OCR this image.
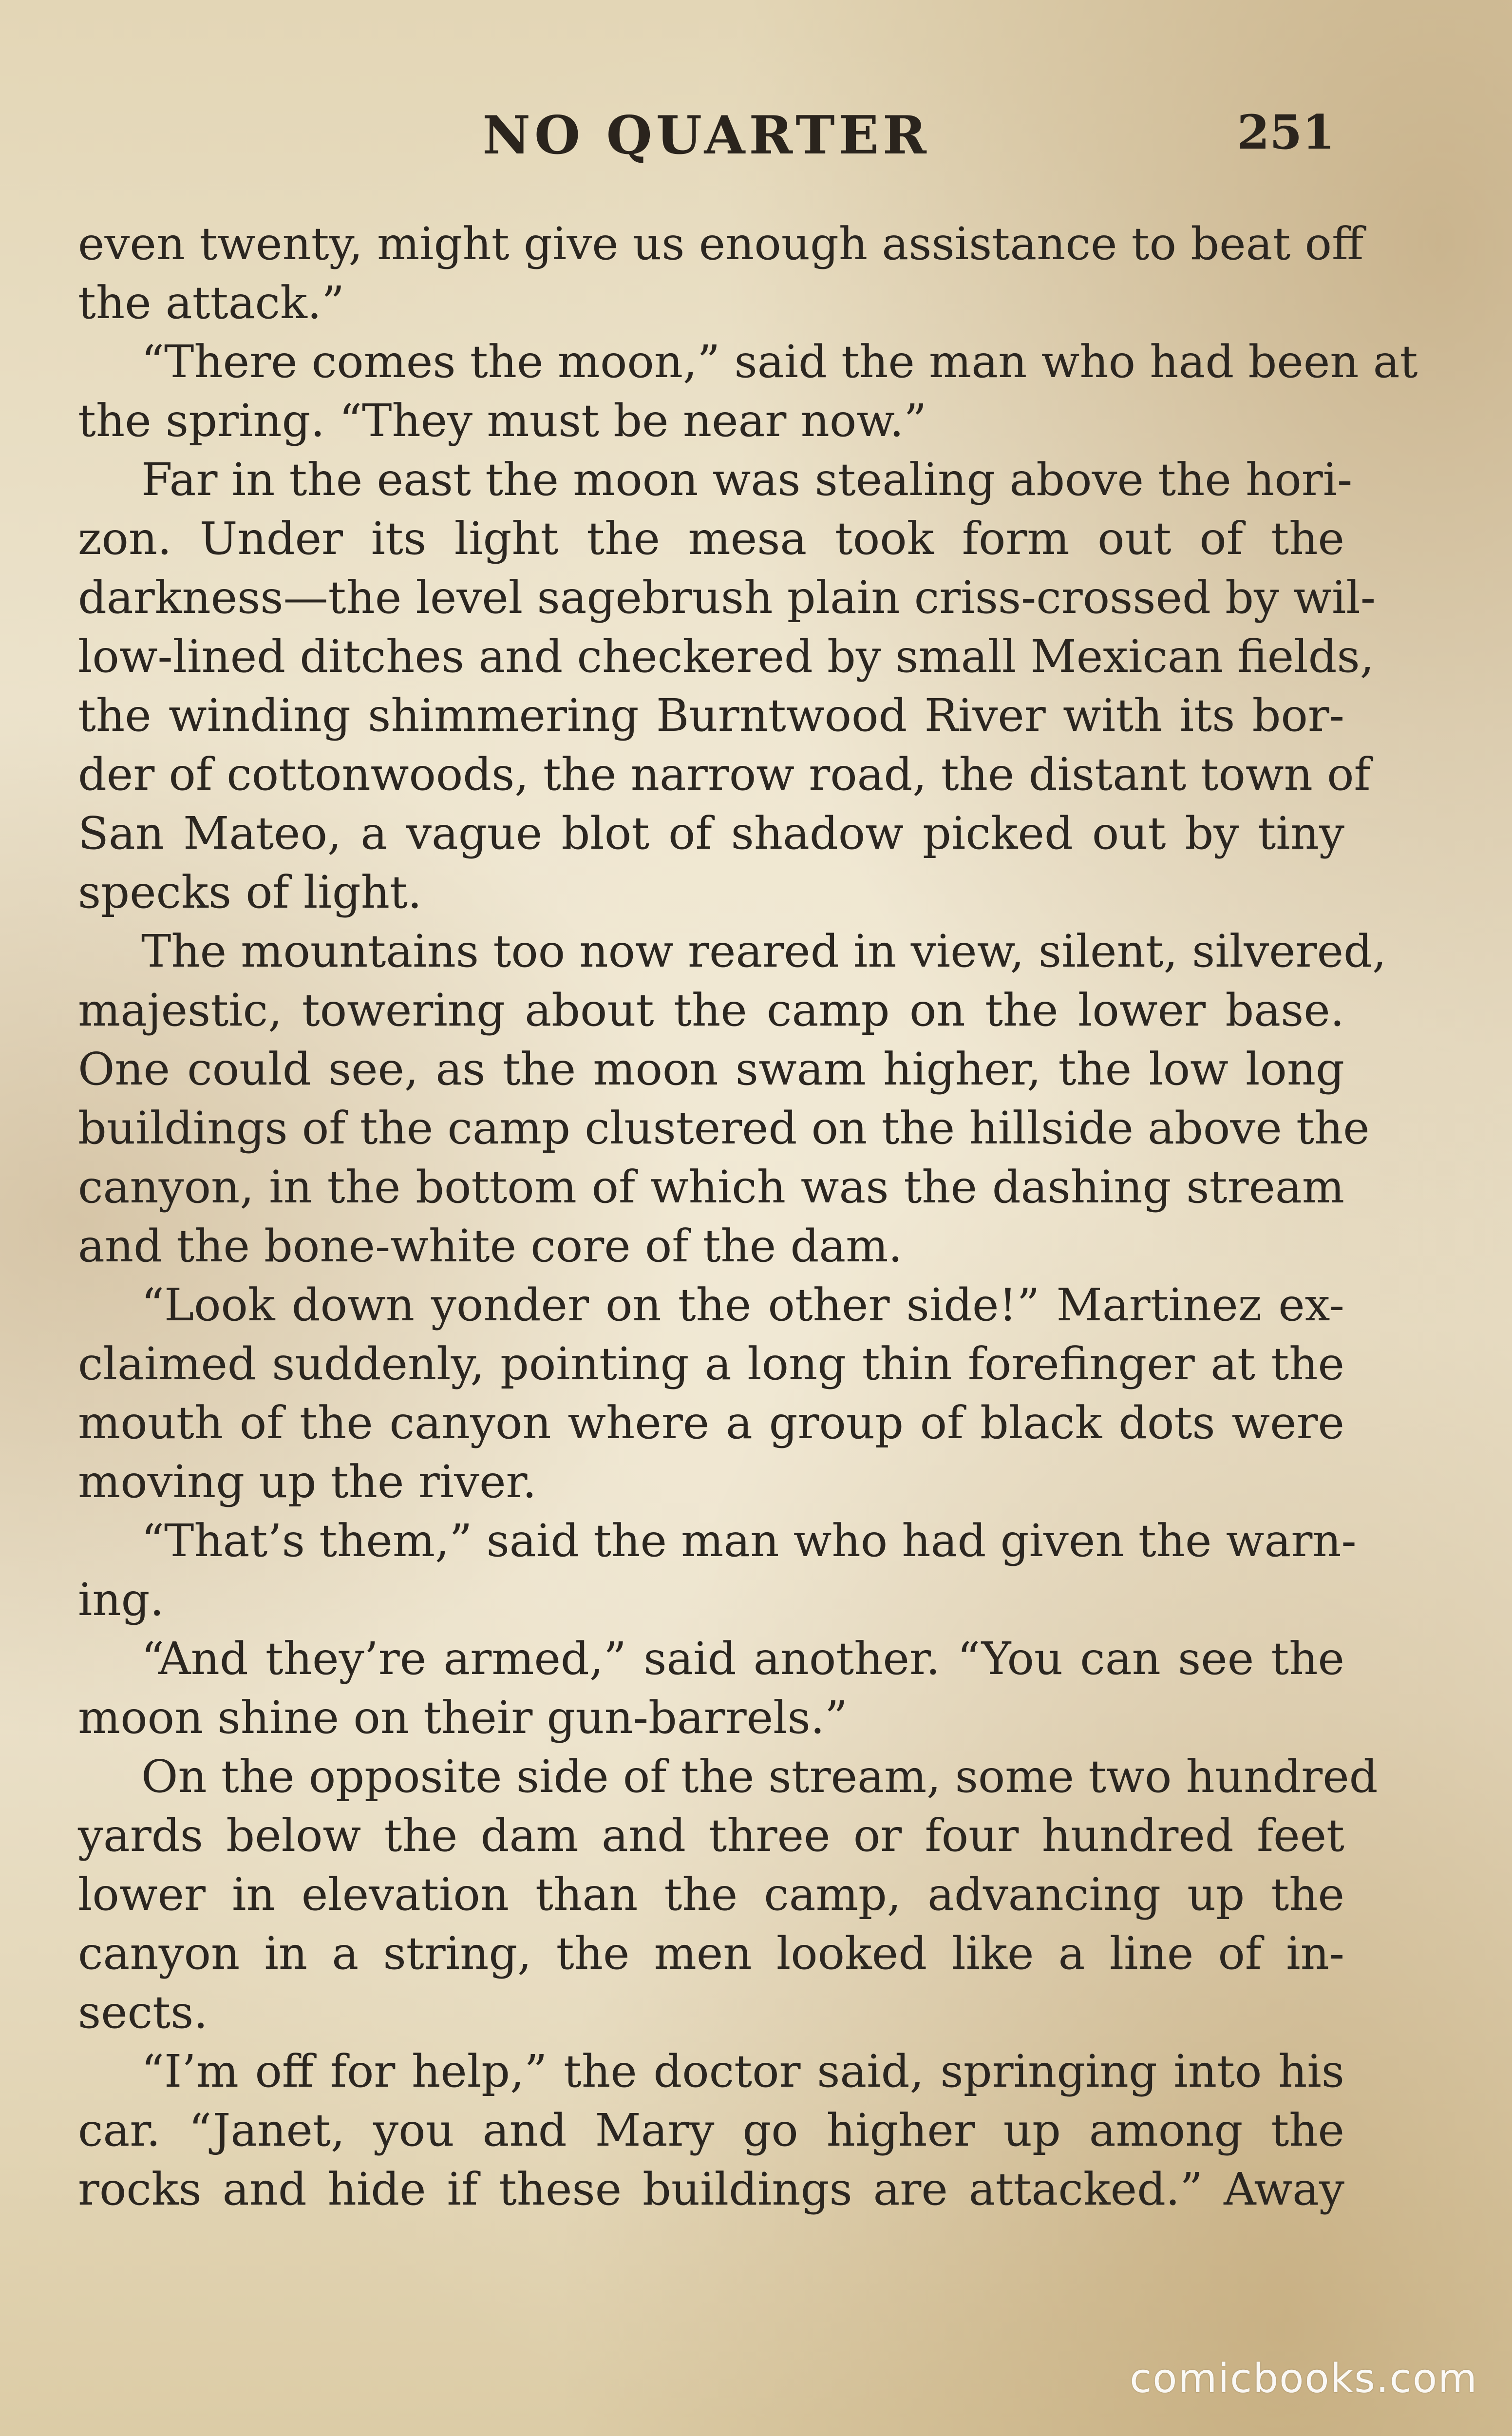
NO QUARTER	251
even twenty, might give us enough assistance to beat off
the attack.”
“There comes the moon,” said the man who had been at
the spring. “They must be near now.”
Far in the east the moon was stealing above the hori-
zon. Under its light the mesa took form out of the
darkness—the level sagebrush plain criss-crossed by wil-
low-lined ditches and checkered by small Mexican fields,
the winding shimmering Burntwood River with its bor-
der of cottonwoods, the narrow road, the distant town of
San Mateo, a vague blot of shadow picked out by tiny
specks of light.
The mountains too now reared in view, silent, silvered,
majestic, towering about the camp on the lower base.
One could see, as the moon swam higher, the low long
buildings of the camp clustered on the hillside above the
canyon, in the bottom of which was the dashing stream
and the bone-white core of the dam.
“Look down yonder on the other side!” Martinez ex-
claimed suddenly, pointing a long thin forefinger at the
mouth of the canyon where a group of black dots were
moving up the river.
“That’s them,” said the man who had given the warn-
ing.
“And they’re armed,” said another. “You can see the
moon shine on their gun-barrels.”
On the opposite side of the stream, some two hundred
yards below the dam and three or four hundred feet
lower in elevation than the camp, advancing up the
canyon in a string, the men looked like a line of in-
sects.
“I’m off for help,” the doctor said, springing into his
car. “Janet, you and Mary go higher up among the
rocks and hide if these buildings are attacked.” Away
comicbooks.com
